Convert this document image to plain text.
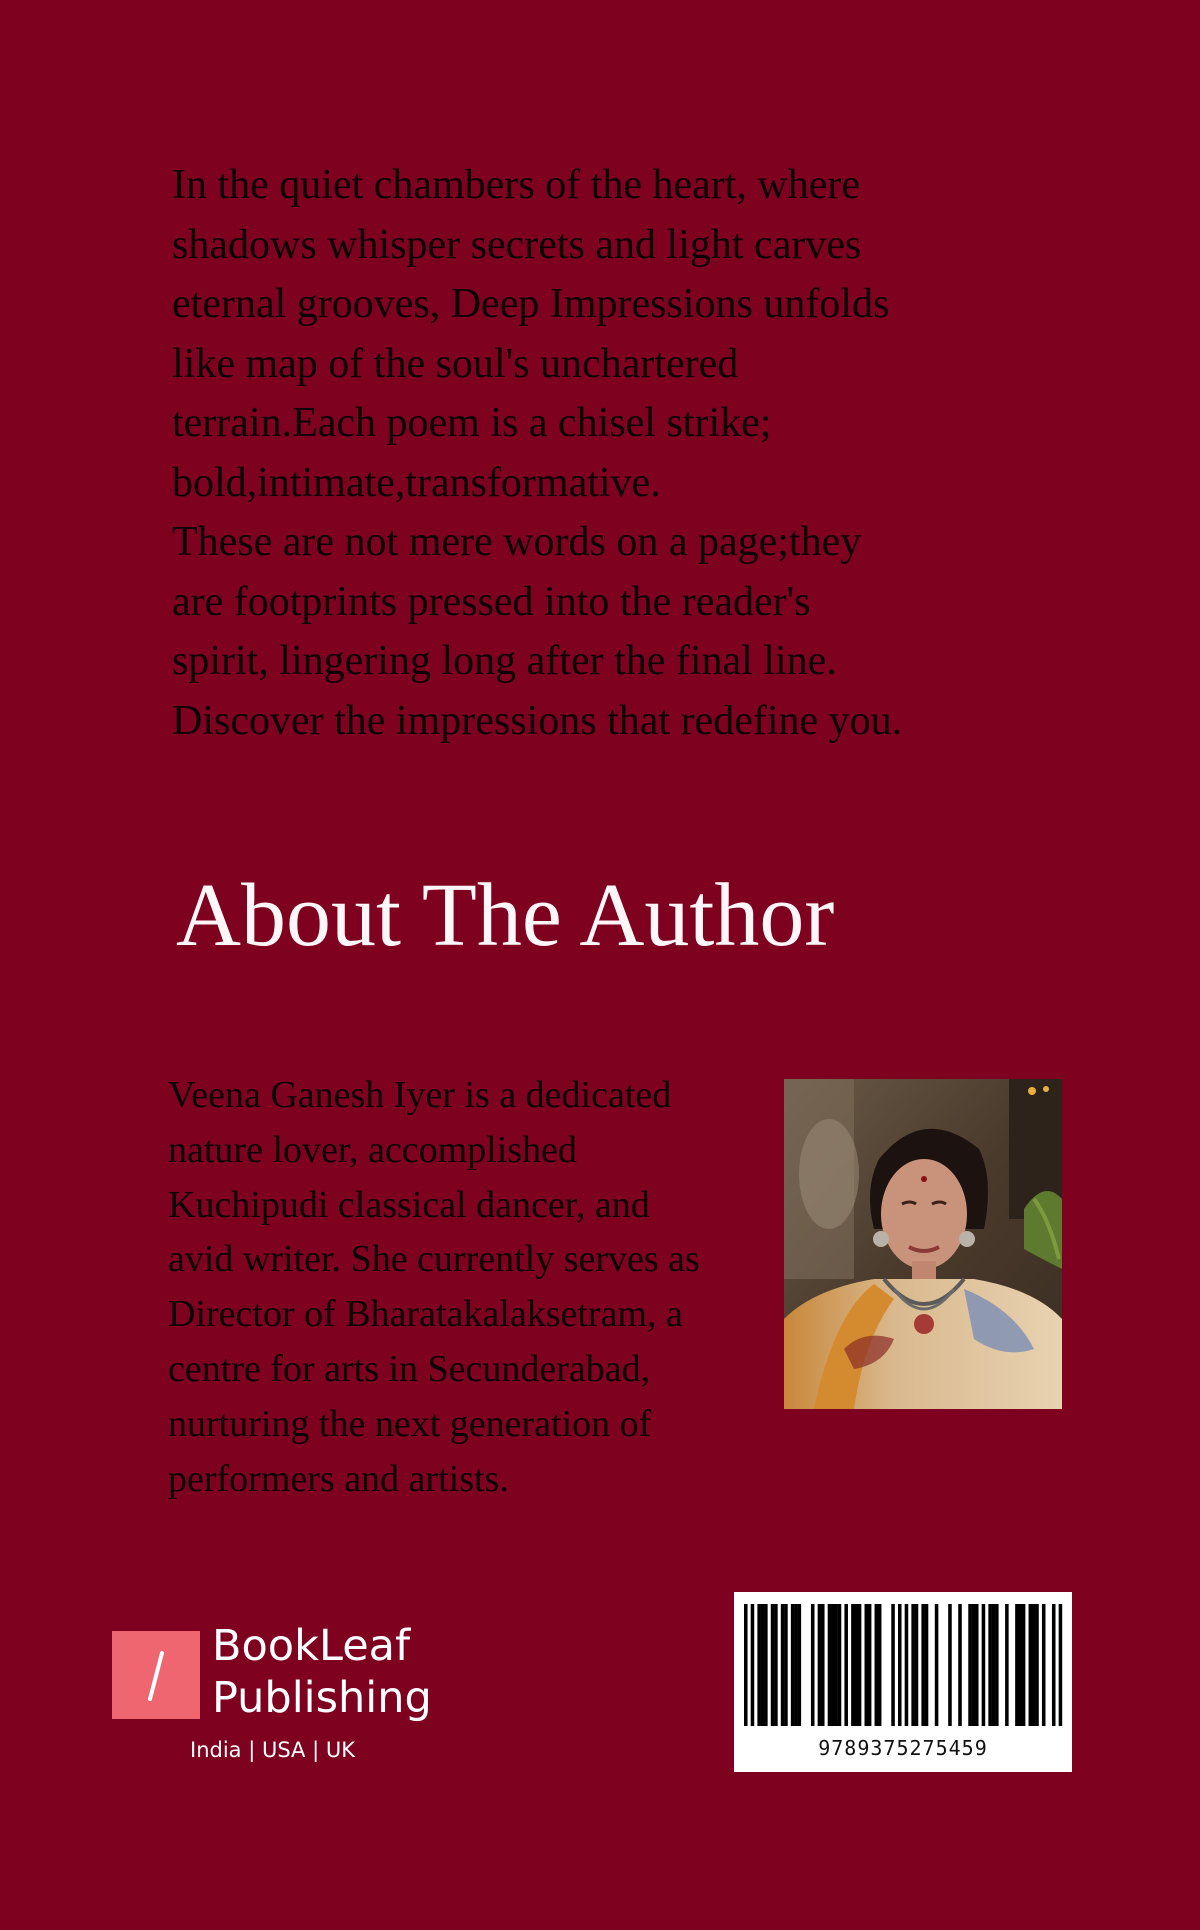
In the quiet chambers of the heart, where
shadows whisper secrets and light carves
eternal grooves, Deep Impressions unfolds
like map of the soul's unchartered
terrain.Each poem is a chisel strike;
bold,intimate,transformative.
These are not mere words on a page;they
are footprints pressed into the reader's
spirit, lingering long after the final line.
Discover the impressions that redefine you.
About The Author
Veena Ganesh Iyer is a dedicated
nature lover, accomplished
Kuchipudi classical dancer, and
avid writer. She currently serves as
Director of Bharatakalaksetram, a
centre for arts in Secunderabad,
nurturing the next generation of
performers and artists.
BookLeaf
Publishing
India | USA | UK	9789375275459
